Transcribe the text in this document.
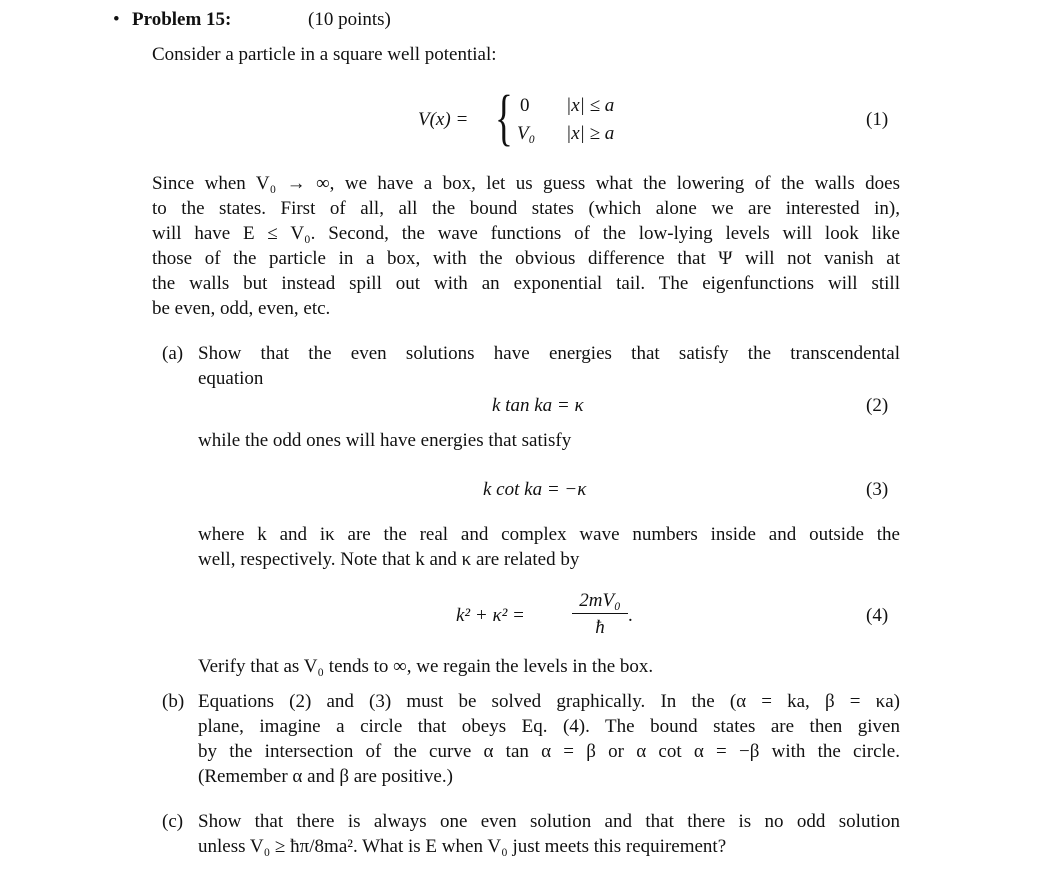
• Problem 15:	(10 points)
Consider a particle in a square well potential:
V(x) = { 0 |x| ≤ a
V₀ |x| ≥ a
(1)
Since when V₀ → ∞, we have a box, let us guess what the lowering of the walls does
to the states. First of all, all the bound states (which alone we are interested in),
will have E ≤ V₀. Second, the wave functions of the low-lying levels will look like
those of the particle in a box, with the obvious difference that Ψ will not vanish at
the walls but instead spill out with an exponential tail. The eigenfunctions will still
be even, odd, even, etc.
(a) Show that the even solutions have energies that satisfy the transcendental
equation
k tan ka = κ	(2)
while the odd ones will have energies that satisfy
k cot ka = −κ	(3)
where k and iκ are the real and complex wave numbers inside and outside the
well, respectively. Note that k and κ are related by
k² + κ² =
2mV₀
ħ
.	(4)
Verify that as V₀ tends to ∞, we regain the levels in the box.
(b) Equations (2) and (3) must be solved graphically. In the (α = ka, β = κa)
plane, imagine a circle that obeys Eq. (4). The bound states are then given
by the intersection of the curve α tan α = β or α cot α = −β with the circle.
(Remember α and β are positive.)
(c) Show that there is always one even solution and that there is no odd solution
unless V₀ ≥ ħπ/8ma². What is E when V₀ just meets this requirement?
